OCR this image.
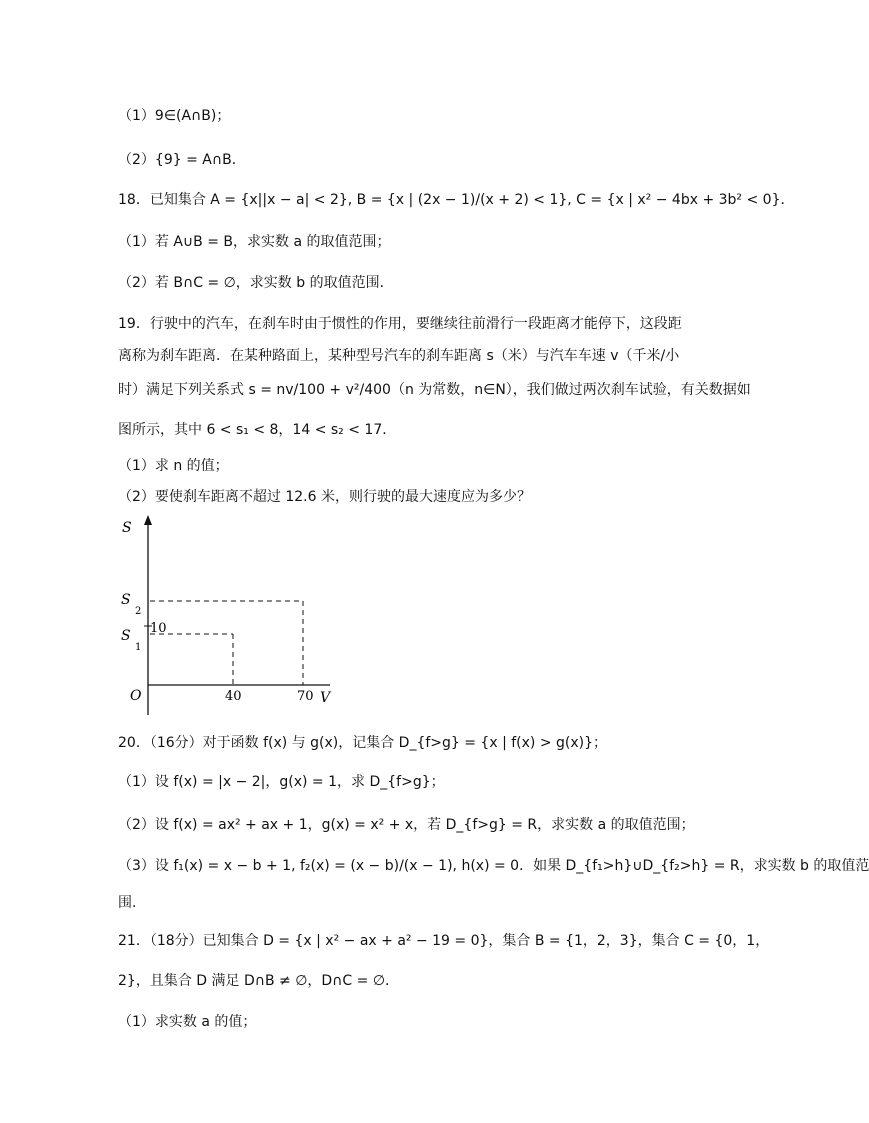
（1）9∈(A∩B)；
（2）{9} = A∩B．
18．已知集合 A = {x||x − a| < 2}, B = {x | (2x − 1)/(x + 2) < 1}, C = {x | x² − 4bx + 3b² < 0}．
（1）若 A∪B = B，求实数 a 的取值范围；
（2）若 B∩C = ∅，求实数 b 的取值范围．
19．行驶中的汽车，在刹车时由于惯性的作用，要继续往前滑行一段距离才能停下，这段距
离称为刹车距离．在某种路面上，某种型号汽车的刹车距离 s（米）与汽车车速 v（千米/小
时）满足下列关系式 s = nv/100 + v²/400（n 为常数，n∈N），我们做过两次刹车试验，有关数据如
图所示，其中 6 < s₁ < 8，14 < s₂ < 17．
（1）求 n 的值；
（2）要使刹车距离不超过 12.6 米，则行驶的最大速度应为多少？
S
S
2
S
1
10
O	40	70 V
20．（16分）对于函数 f(x) 与 g(x)，记集合 D_{f>g} = {x | f(x) > g(x)}；
（1）设 f(x) = |x − 2|，g(x) = 1，求 D_{f>g}；
（2）设 f(x) = ax² + ax + 1，g(x) = x² + x，若 D_{f>g} = R，求实数 a 的取值范围；
（3）设 f₁(x) = x − b + 1, f₂(x) = (x − b)/(x − 1), h(x) = 0．如果 D_{f₁>h}∪D_{f₂>h} = R，求实数 b 的取值范
围．
21．（18分）已知集合 D = {x | x² − ax + a² − 19 = 0}，集合 B = {1，2，3}，集合 C = {0，1，
2}，且集合 D 满足 D∩B ≠ ∅，D∩C = ∅．
（1）求实数 a 的值；
